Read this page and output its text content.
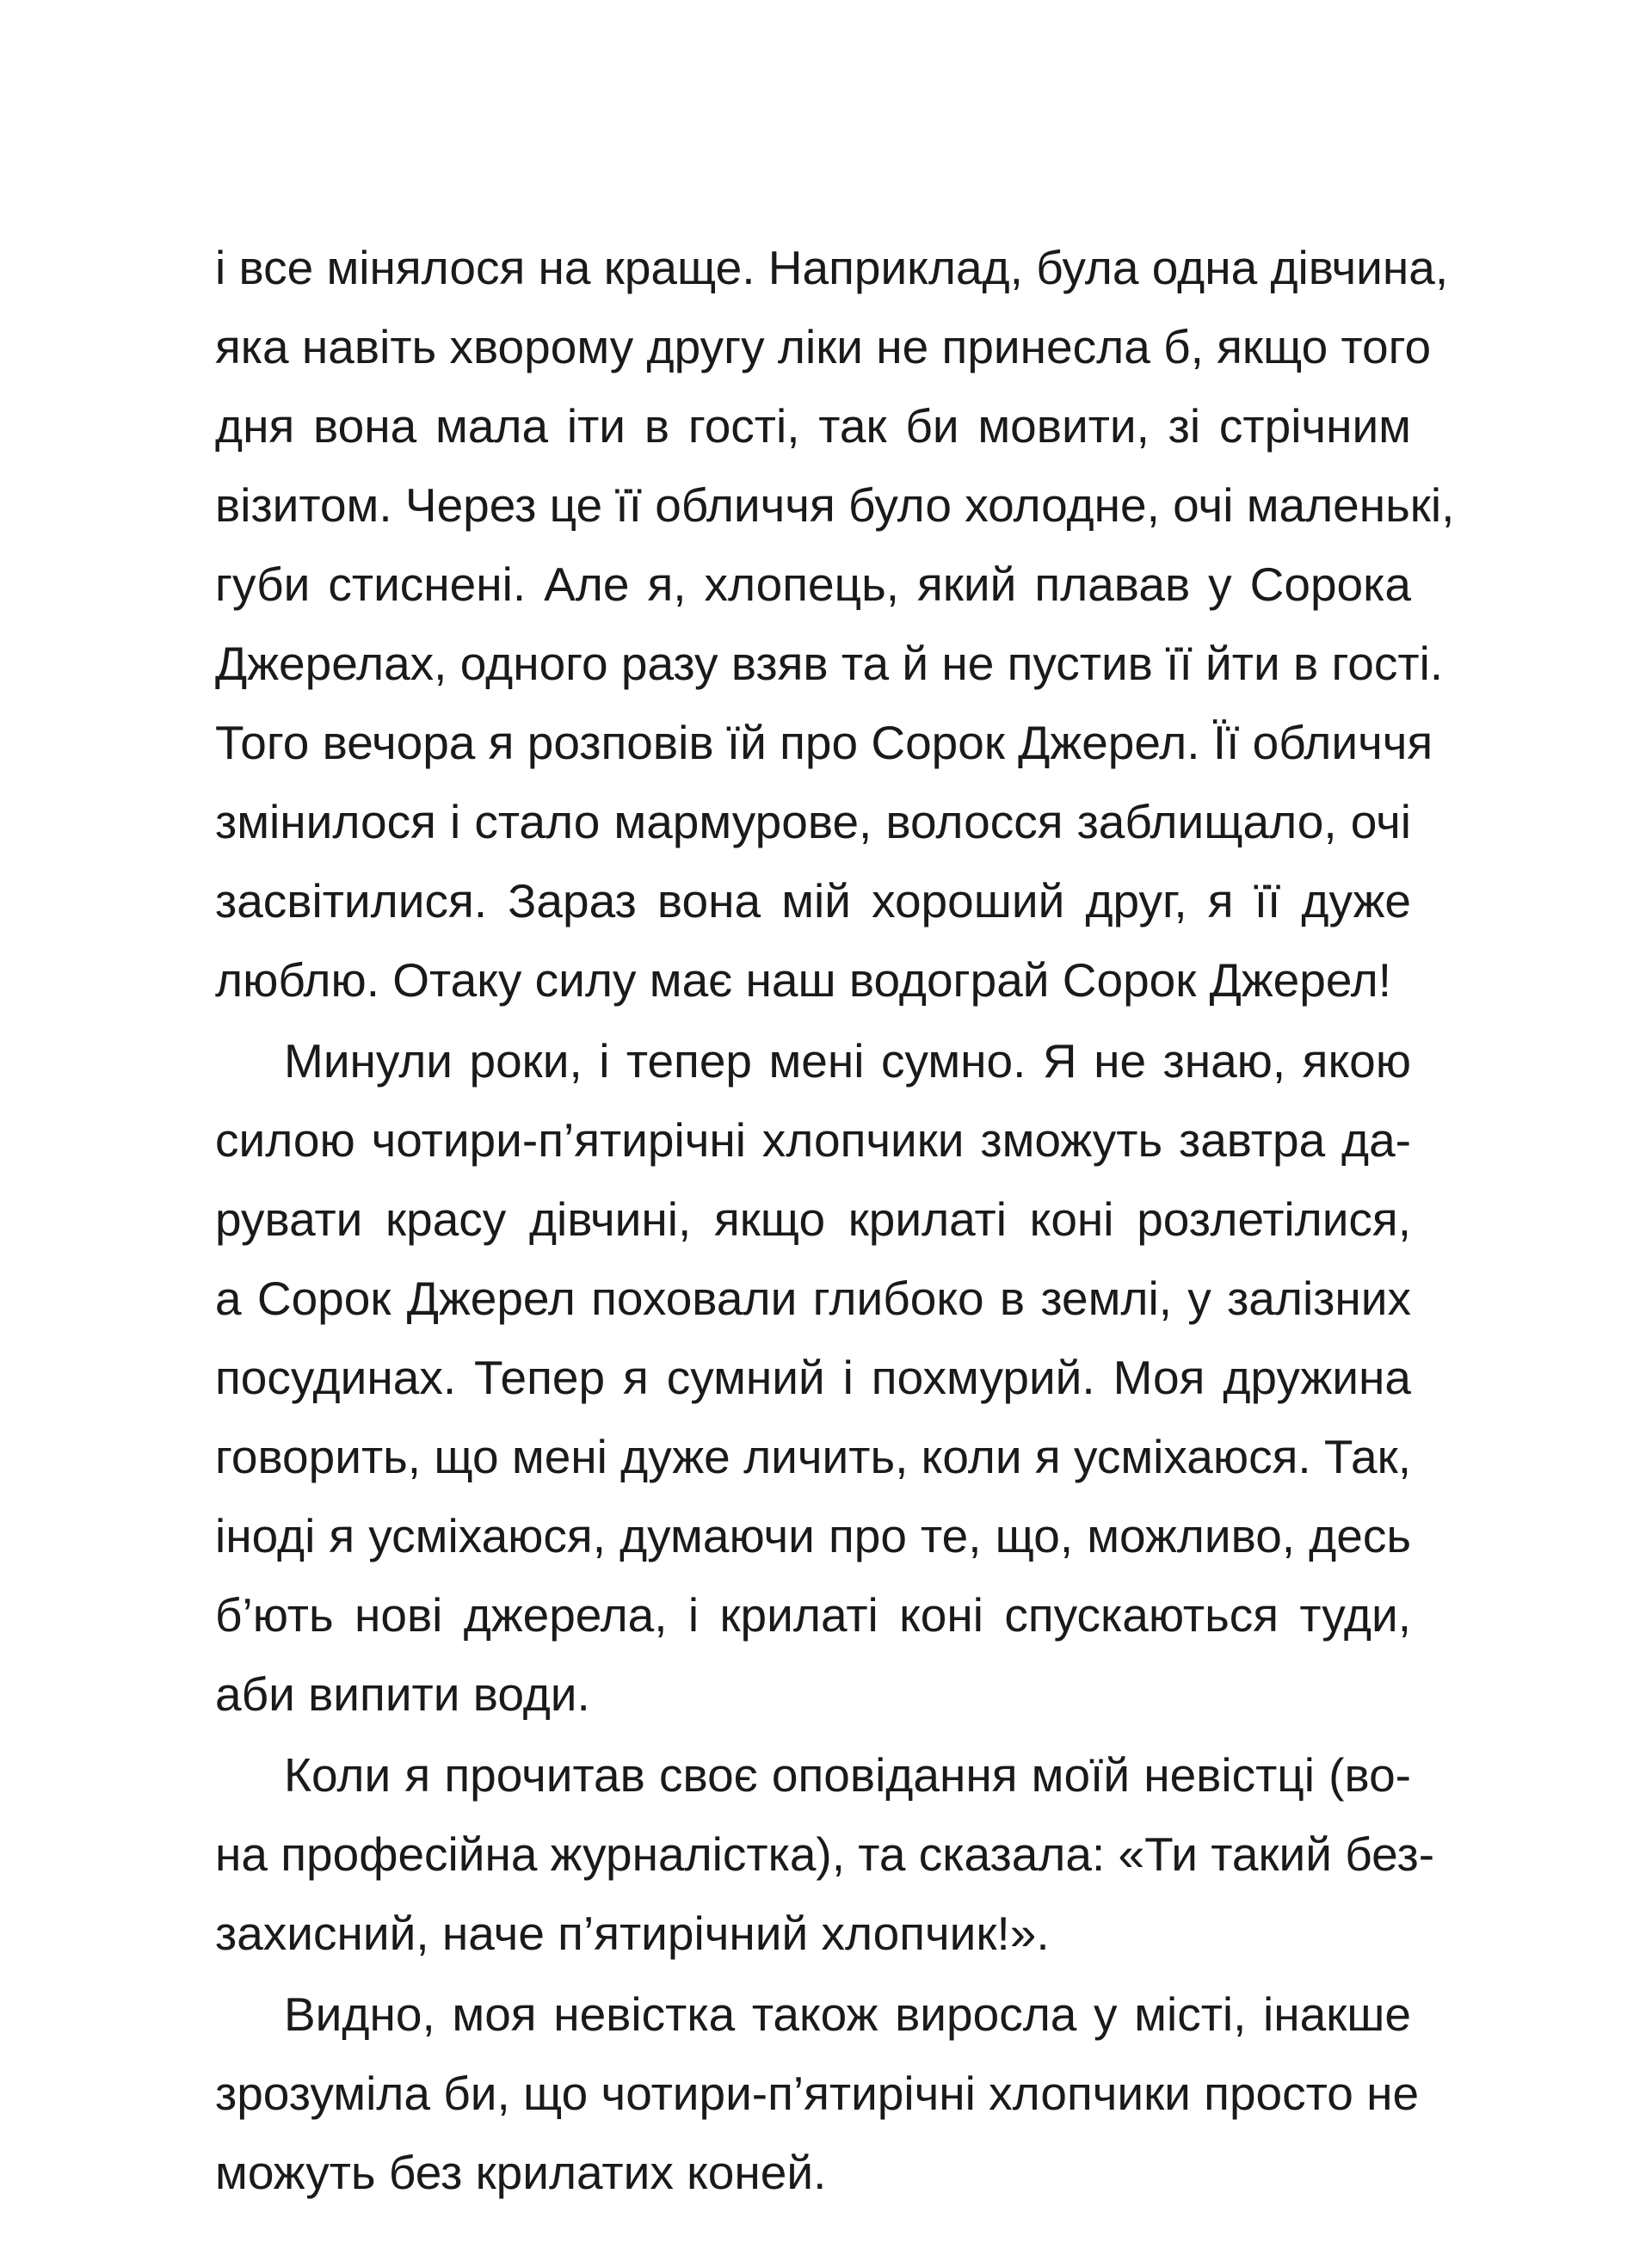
і все мінялося на краще. Наприклад, була одна дівчина,
яка навіть хворому другу ліки не принесла б, якщо того
дня вона мала іти в гості, так би мовити, зі стрічним
візитом. Через це її обличчя було холодне, очі маленькі,
губи стиснені. Але я, хлопець, який плавав у Сорока
Джерелах, одного разу взяв та й не пустив її йти в гості.
Того вечора я розповів їй про Сорок Джерел. Її обличчя
змінилося і стало мармурове, волосся заблищало, очі
засвітилися. Зараз вона мій хороший друг, я її дуже
люблю. Отаку силу має наш водограй Сорок Джерел!
Минули роки, і тепер мені сумно. Я не знаю, якою
силою чотири-п’ятирічні хлопчики зможуть завтра да-
рувати красу дівчині, якщо крилаті коні розлетілися,
а Сорок Джерел поховали глибоко в землі, у залізних
посудинах. Тепер я сумний і похмурий. Моя дружина
говорить, що мені дуже личить, коли я усміхаюся. Так,
іноді я усміхаюся, думаючи про те, що, можливо, десь
б’ють нові джерела, і крилаті коні спускаються туди,
аби випити води.
Коли я прочитав своє оповідання моїй невістці (во-
на професійна журналістка), та сказала: «Ти такий без-
захисний, наче п’ятирічний хлопчик!».
Видно, моя невістка також виросла у місті, інакше
зрозуміла би, що чотири-п’ятирічні хлопчики просто не
можуть без крилатих коней.
